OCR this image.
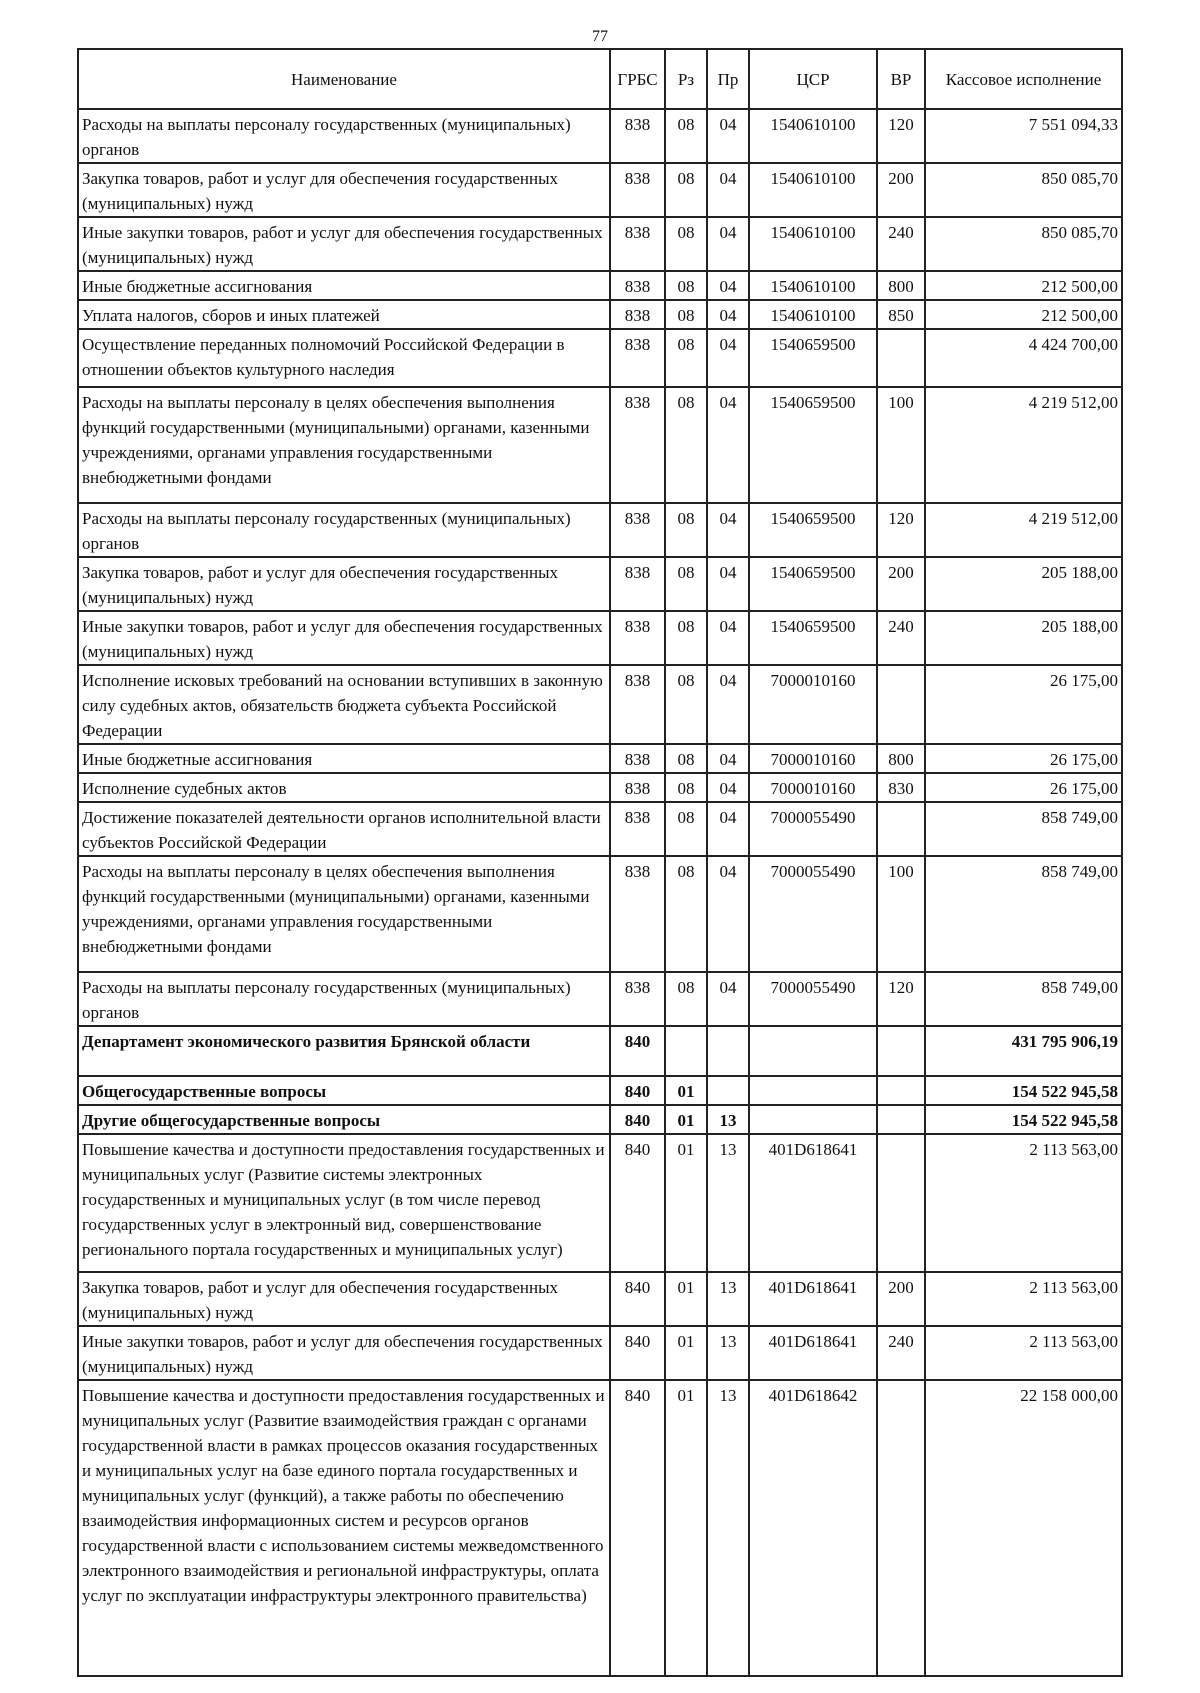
77
Наименование	ГРБС	Рз	Пр	ЦСР	ВР	Кассовое исполнение
Расходы на выплаты персоналу государственных (муниципальных) органов	838	08	04	1540610100	120	7 551 094,33
Закупка товаров, работ и услуг для обеспечения государственных (муниципальных) нужд	838	08	04	1540610100	200	850 085,70
Иные закупки товаров, работ и услуг для обеспечения государственных (муниципальных) нужд	838	08	04	1540610100	240	850 085,70
Иные бюджетные ассигнования	838	08	04	1540610100	800	212 500,00
Уплата налогов, сборов и иных платежей	838	08	04	1540610100	850	212 500,00
Осуществление переданных полномочий Российской Федерации в отношении объектов культурного наследия	838	08	04	1540659500		4 424 700,00
Расходы на выплаты персоналу в целях обеспечения выполнения функций государственными (муниципальными) органами, казенными учреждениями, органами управления государственными внебюджетными фондами	838	08	04	1540659500	100	4 219 512,00
Расходы на выплаты персоналу государственных (муниципальных) органов	838	08	04	1540659500	120	4 219 512,00
Закупка товаров, работ и услуг для обеспечения государственных (муниципальных) нужд	838	08	04	1540659500	200	205 188,00
Иные закупки товаров, работ и услуг для обеспечения государственных (муниципальных) нужд	838	08	04	1540659500	240	205 188,00
Исполнение исковых требований на основании вступивших в законную силу судебных актов, обязательств бюджета субъекта Российской Федерации	838	08	04	7000010160		26 175,00
Иные бюджетные ассигнования	838	08	04	7000010160	800	26 175,00
Исполнение судебных актов	838	08	04	7000010160	830	26 175,00
Достижение показателей деятельности органов исполнительной власти субъектов Российской Федерации	838	08	04	7000055490		858 749,00
Расходы на выплаты персоналу в целях обеспечения выполнения функций государственными (муниципальными) органами, казенными учреждениями, органами управления государственными внебюджетными фондами	838	08	04	7000055490	100	858 749,00
Расходы на выплаты персоналу государственных (муниципальных) органов	838	08	04	7000055490	120	858 749,00
Департамент экономического развития Брянской области	840					431 795 906,19
Общегосударственные вопросы	840	01				154 522 945,58
Другие общегосударственные вопросы	840	01	13			154 522 945,58
Повышение качества и доступности предоставления государственных и муниципальных услуг (Развитие системы электронных государственных и муниципальных услуг (в том числе перевод государственных услуг в электронный вид, совершенствование регионального портала государственных и муниципальных услуг)	840	01	13	401D618641		2 113 563,00
Закупка товаров, работ и услуг для обеспечения государственных (муниципальных) нужд	840	01	13	401D618641	200	2 113 563,00
Иные закупки товаров, работ и услуг для обеспечения государственных (муниципальных) нужд	840	01	13	401D618641	240	2 113 563,00
Повышение качества и доступности предоставления государственных и муниципальных услуг (Развитие взаимодействия граждан с органами государственной власти в рамках процессов оказания государственных и муниципальных услуг на базе единого портала государственных и муниципальных услуг (функций), а также работы по обеспечению взаимодействия информационных систем и ресурсов органов государственной власти с использованием системы межведомственного электронного взаимодействия и региональной инфраструктуры, оплата услуг по эксплуатации инфраструктуры электронного правительства)	840	01	13	401D618642		22 158 000,00
